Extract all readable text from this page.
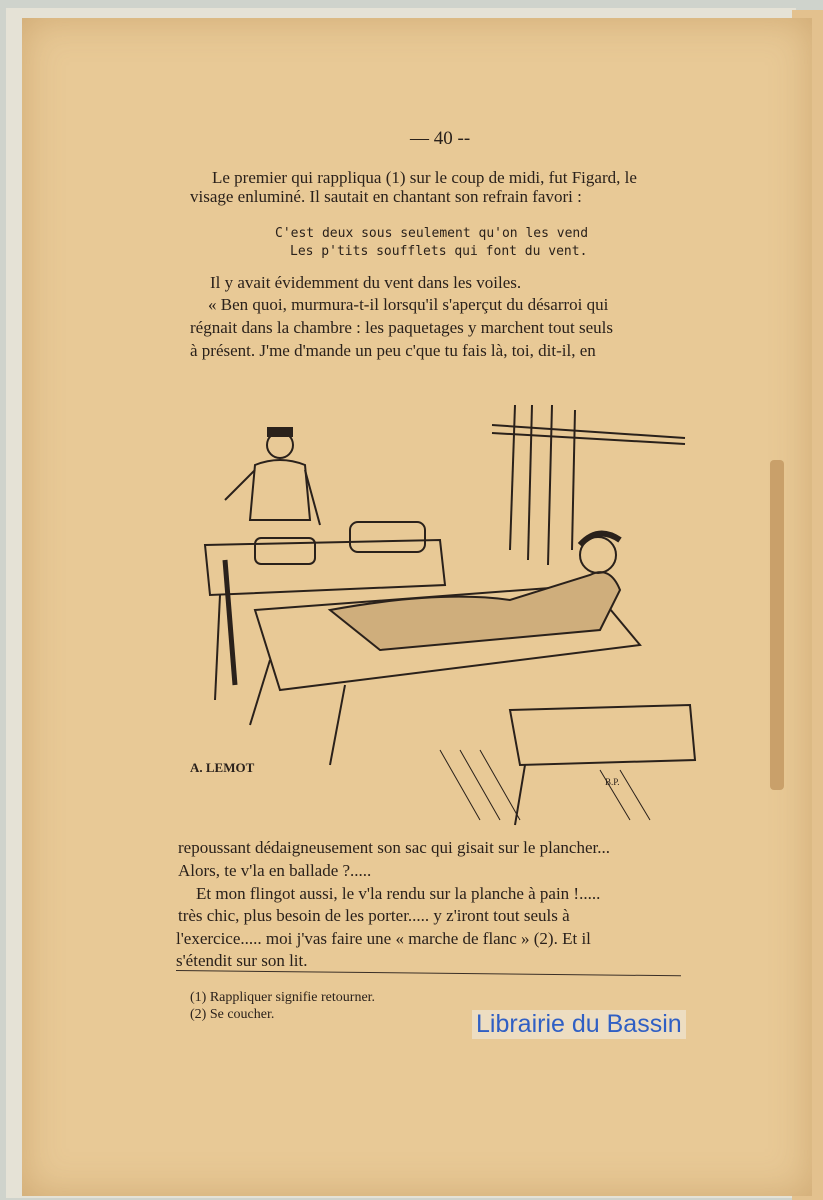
— 40 --
Le premier qui rappliqua (1) sur le coup de midi, fut Figard, le
visage enluminé. Il sautait en chantant son refrain favori :
C'est deux sous seulement qu'on les vend
Les p'tits soufflets qui font du vent.
Il y avait évidemment du vent dans les voiles.
« Ben quoi, murmura-t-il lorsqu'il s'aperçut du désarroi qui
régnait dans la chambre : les paquetages y marchent tout seuls
à présent. J'me d'mande un peu c'que tu fais là, toi, dit-il, en
A. LEMOT
B.P.
repoussant dédaigneusement son sac qui gisait sur le plancher...
Alors, te v'la en ballade ?.....
Et mon flingot aussi, le v'la rendu sur la planche à pain !.....
très chic, plus besoin de les porter..... y z'iront tout seuls à
l'exercice..... moi j'vas faire une « marche de flanc » (2). Et il
s'étendit sur son lit.
(1) Rappliquer signifie retourner.
(2) Se coucher.	Librairie du Bassin
